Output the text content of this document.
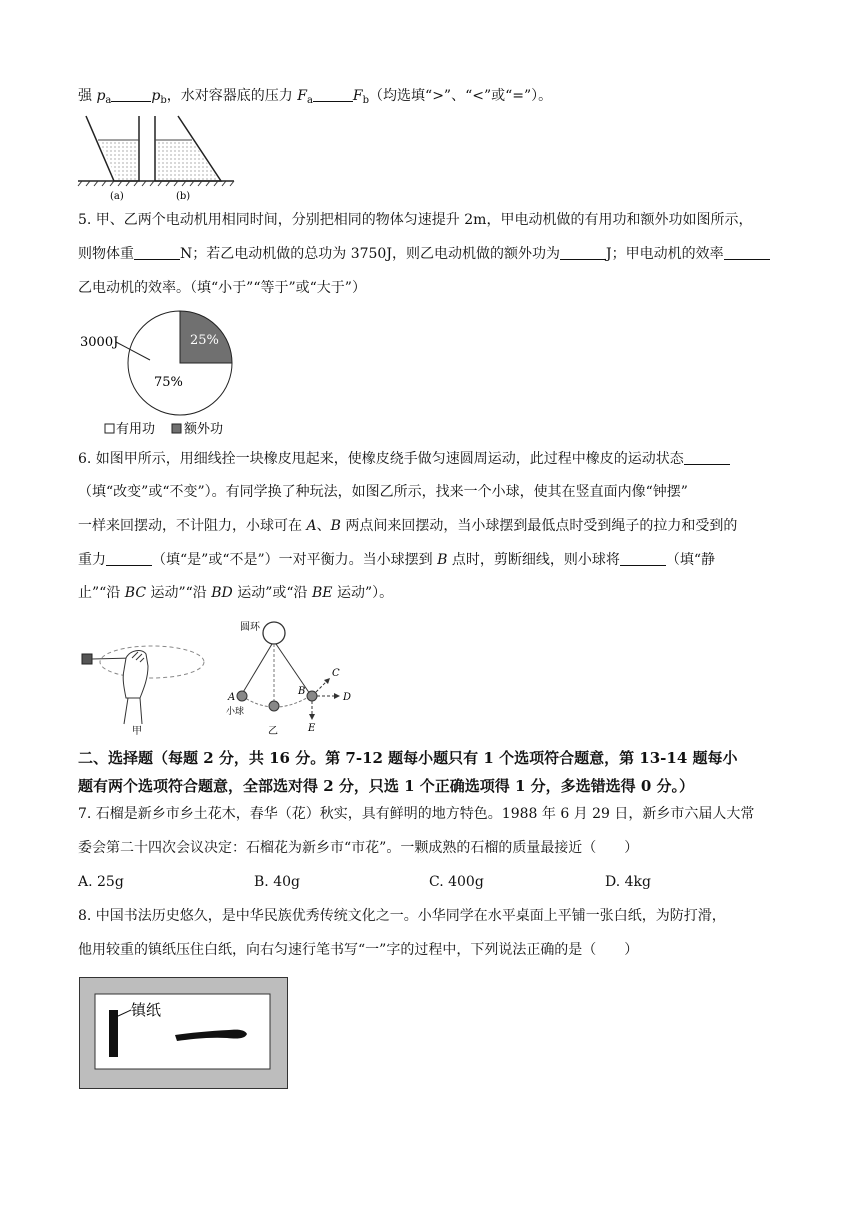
强 $p_a$	$p_b$，水对容器底的压力 $F_a$	$F_b$（均选填“>”、“<”或“=”）。
(a)	(b)
5. 甲、乙两个电动机用相同时间，分别把相同的物体匀速提升 2m，甲电动机做的有用功和额外功如图所示，
则物体重	N；若乙电动机做的总功为 3750J，则乙电动机做的额外功为	J；甲电动机的效率
乙电动机的效率。（填“小于”“等于”或“大于”）
3000J	25%
75%
有用功 额外功
6. 如图甲所示，用细线拴一块橡皮甩起来，使橡皮绕手做匀速圆周运动，此过程中橡皮的运动状态
（填“改变”或“不变”）。有同学换了种玩法，如图乙所示，找来一个小球，使其在竖直面内像“钟摆”
一样来回摆动，不计阻力，小球可在 A、B 两点间来回摆动，当小球摆到最低点时受到绳子的拉力和受到的
重力	（填“是”或“不是”）一对平衡力。当小球摆到 B 点时，剪断细线，则小球将	（填“静
止”“沿 BC 运动”“沿 BD 运动”或“沿 BE 运动”）。
甲
圆环
A
小球
B
C
D
E
乙
二、选择题（每题 2 分，共 16 分。第 7-12 题每小题只有 1 个选项符合题意，第 13-14 题每小
题有两个选项符合题意，全部选对得 2 分，只选 1 个正确选项得 1 分，多选错选得 0 分。）
7. 石榴是新乡市乡土花木，春华（花）秋实，具有鲜明的地方特色。1988 年 6 月 29 日，新乡市六届人大常
委会第二十四次会议决定：石榴花为新乡市“市花”。一颗成熟的石榴的质量最接近（　　）
A. 25g	B. 40g	C. 400g	D. 4kg
8. 中国书法历史悠久，是中华民族优秀传统文化之一。小华同学在水平桌面上平铺一张白纸，为防打滑，
他用较重的镇纸压住白纸，向右匀速行笔书写“一”字的过程中，下列说法正确的是（　　）
镇纸
